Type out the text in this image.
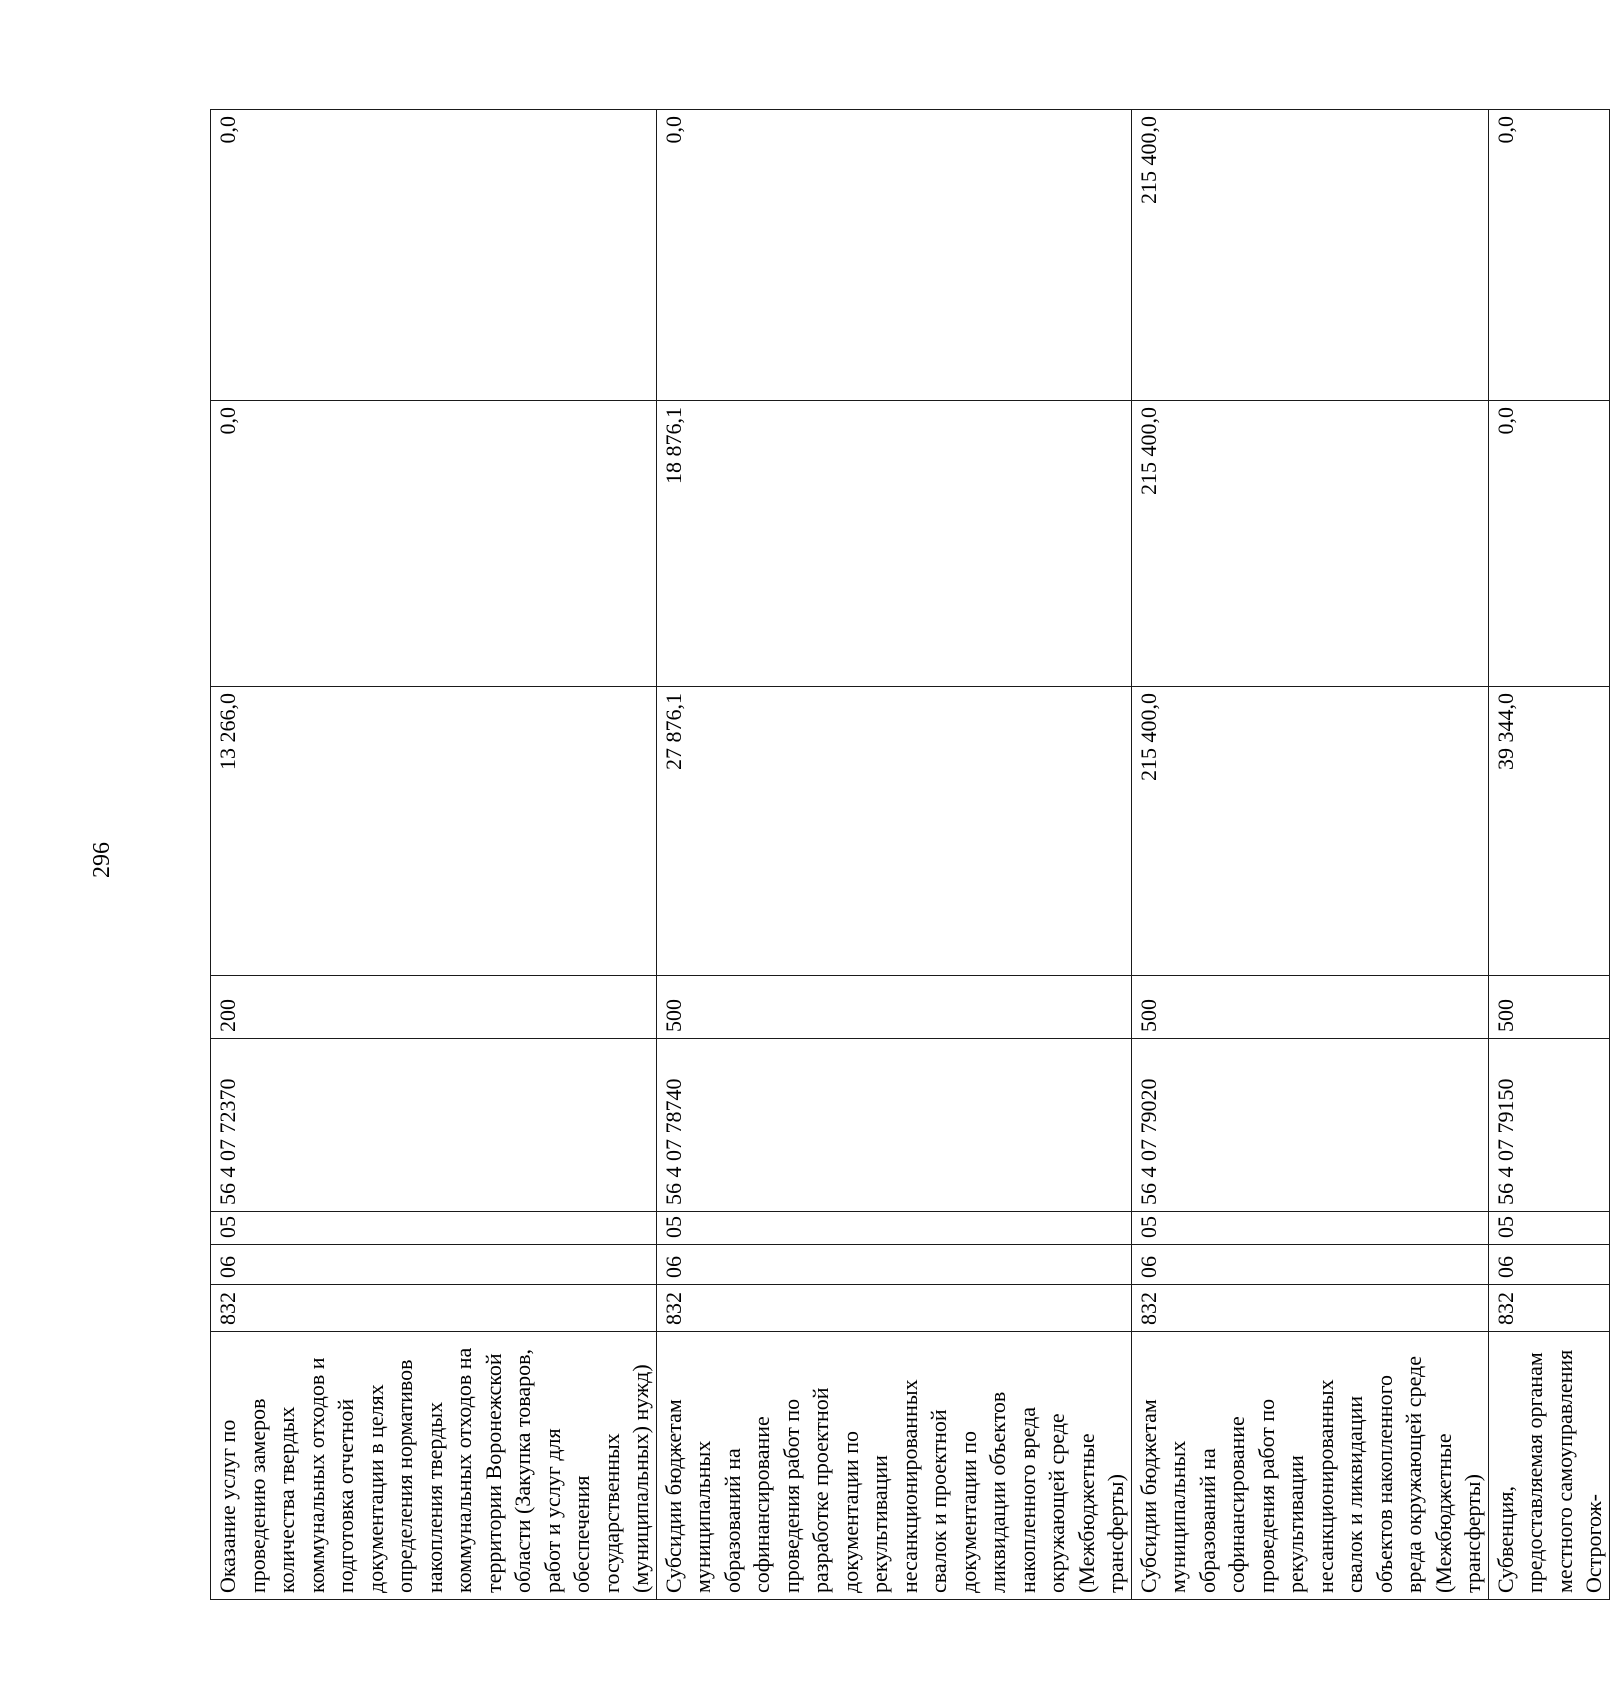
296
Оказание услуг по проведению замеров количества твердых коммунальных отходов и подготовка отчетной документации в целях определения нормативов накопления твердых коммунальных отходов на территории Воронежской области (Закупка товаров, работ и услуг для обеспечения государственных (муниципальных) нужд)	832	06	05	56 4 07 72370	200	13 266,0	0,0	0,0
Субсидии бюджетам муниципальных образований на софинансирование проведения работ по разработке проектной документации по рекультивации несанкционированных свалок и проектной документации по ликвидации объектов накопленного вреда окружающей среде (Межбюджетные трансферты)	832	06	05	56 4 07 78740	500	27 876,1	18 876,1	0,0
Субсидии бюджетам муниципальных образований на софинансирование проведения работ по рекультивации несанкционированных свалок и ликвидации объектов накопленного вреда окружающей среде (Межбюджетные трансферты)	832	06	05	56 4 07 79020	500	215 400,0	215 400,0	215 400,0
Субвенция, предоставляемая органам местного самоуправления Острогож-	832	06	05	56 4 07 79150	500	39 344,0	0,0	0,0
